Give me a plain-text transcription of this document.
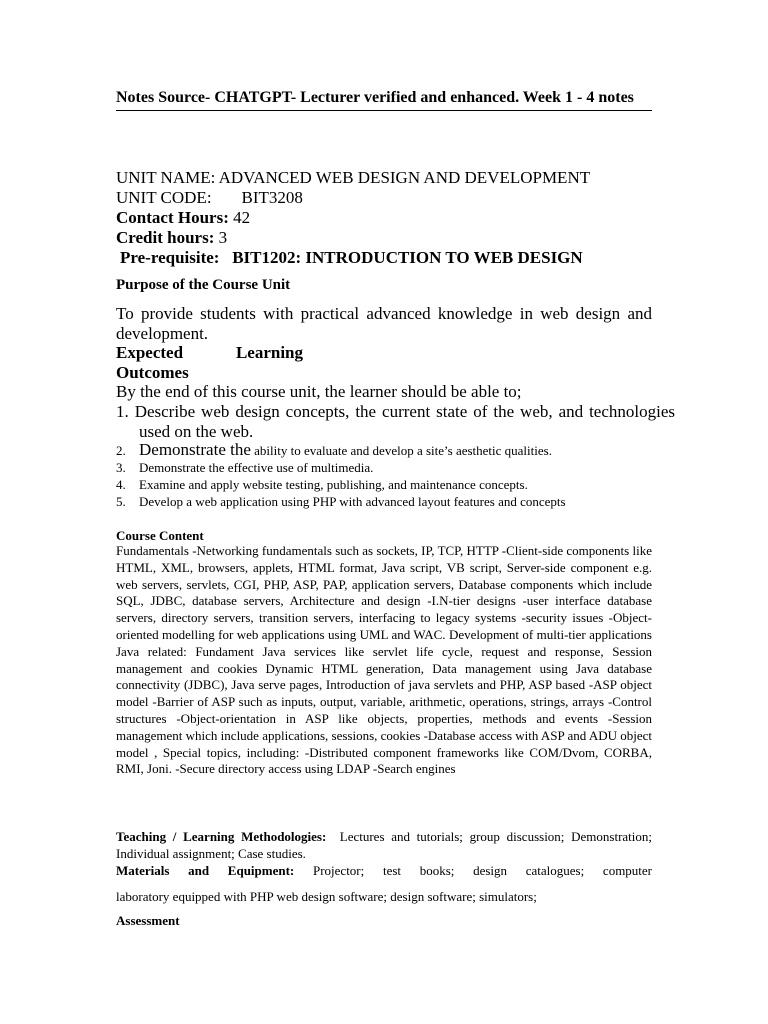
Notes Source- CHATGPT- Lecturer verified and enhanced. Week 1 - 4 notes
UNIT NAME: ADVANCED WEB DESIGN AND DEVELOPMENT
UNIT CODE: BIT3208
Contact Hours: 42
Credit hours: 3
Pre-requisite: BIT1202: INTRODUCTION TO WEB DESIGN
Purpose of the Course Unit
To provide students with practical advanced knowledge in web design and development.
Expected	Learning
Outcomes
By the end of this course unit, the learner should be able to;
1. Describe web design concepts, the current state of the web, and technologies used on the web.
2. Demonstrate the ability to evaluate and develop a site’s aesthetic qualities.
3. Demonstrate the effective use of multimedia.
4. Examine and apply website testing, publishing, and maintenance concepts.
5. Develop a web application using PHP with advanced layout features and concepts
Course Content
Fundamentals -Networking fundamentals such as sockets, IP, TCP, HTTP -Client-side components like HTML, XML, browsers, applets, HTML format, Java script, VB script, Server-side component e.g. web servers, servlets, CGI, PHP, ASP, PAP, application servers, Database components which include SQL, JDBC, database servers, Architecture and design -I.N-tier designs -user interface database servers, directory servers, transition servers, interfacing to legacy systems -security issues -Object-oriented modelling for web applications using UML and WAC. Development of multi-tier applications Java related: Fundament Java services like servlet life cycle, request and response, Session management and cookies Dynamic HTML generation, Data management using Java database connectivity (JDBC), Java serve pages, Introduction of java servlets and PHP, ASP based -ASP object model -Barrier of ASP such as inputs, output, variable, arithmetic, operations, strings, arrays -Control structures -Object-orientation in ASP like objects, properties, methods and events -Session management which include applications, sessions, cookies -Database access with ASP and ADU object model , Special topics, including: -Distributed component frameworks like COM/Dvom, CORBA, RMI, Joni. -Secure directory access using LDAP -Search engines
Teaching / Learning Methodologies: Lectures and tutorials; group discussion; Demonstration; Individual assignment; Case studies.
Materials and Equipment: Projector; test books; design catalogues; computer
laboratory equipped with PHP web design software; design software; simulators;
Assessment
